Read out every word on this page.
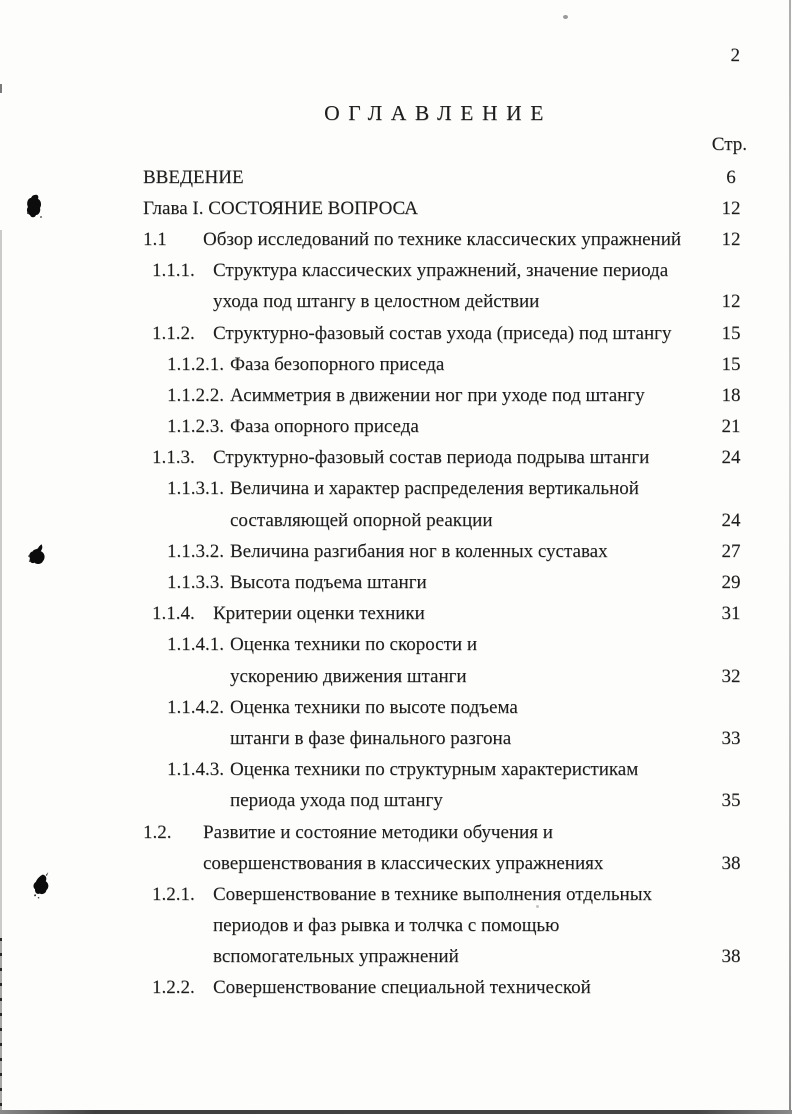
2
ОГЛАВЛЕНИЕ
Стр.
ВВЕДЕНИЕ	6
Глава I. СОСТОЯНИЕ ВОПРОСА	12
1.1	Обзор исследований по технике классических упражнений	12
1.1.1. Структура классических упражнений, значение периода
ухода под штангу в целостном действии	12
1.1.2. Структурно-фазовый состав ухода (приседа) под штангу	15
1.1.2.1. Фаза безопорного приседа	15
1.1.2.2. Асимметрия в движении ног при уходе под штангу	18
1.1.2.3. Фаза опорного приседа	21
1.1.3. Структурно-фазовый состав периода подрыва штанги	24
1.1.3.1. Величина и характер распределения вертикальной
составляющей опорной реакции	24
1.1.3.2. Величина разгибания ног в коленных суставах	27
1.1.3.3. Высота подъема штанги	29
1.1.4. Критерии оценки техники	31
1.1.4.1. Оценка техники по скорости и
ускорению движения штанги	32
1.1.4.2. Оценка техники по высоте подъема
штанги в фазе финального разгона	33
1.1.4.3. Оценка техники по структурным характеристикам
периода ухода под штангу	35
1.2.	Развитие и состояние методики обучения и
совершенствования в классических упражнениях	38
1.2.1. Совершенствование в технике выполнения отдельных
периодов и фаз рывка и толчка с помощью
вспомогательных упражнений	38
1.2.2. Совершенствование специальной технической
